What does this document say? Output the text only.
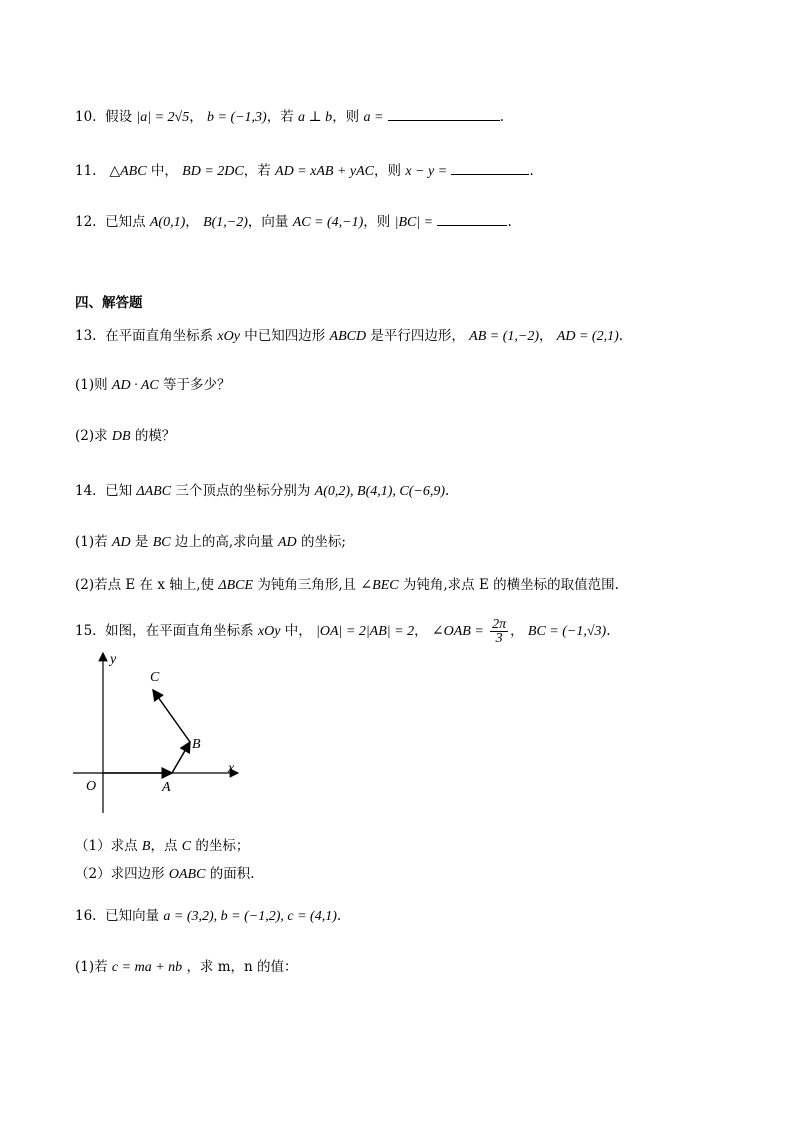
10. 假设 |a| = 2√5， b = (−1,3)，若 a ⊥ b，则 a =	.
11. △ABC 中， BD = 2DC，若 AD = xAB + yAC，则 x − y =	.
12. 已知点 A(0,1)， B(1,−2)，向量 AC = (4,−1)，则 |BC| =	.
四、解答题
13. 在平面直角坐标系 xOy 中已知四边形 ABCD 是平行四边形， AB = (1,−2)， AD = (2,1).
(1)则 AD · AC 等于多少？
(2)求 DB 的模？
14. 已知 ΔABC 三个顶点的坐标分别为 A(0,2), B(4,1), C(−6,9).
(1)若 AD 是 BC 边上的高,求向量 AD 的坐标;
(2)若点 E 在 x 轴上,使 ΔBCE 为钝角三角形,且 ∠BEC 为钝角,求点 E 的横坐标的取值范围.
15. 如图，在平面直角坐标系 xOy 中， |OA| = 2|AB| = 2， ∠OAB = $\frac{2\pi}{3}$ ， BC = (−1,√3).
y
x
O	A
B
C
（1）求点 B，点 C 的坐标；
（2）求四边形 OABC 的面积.
16. 已知向量 a = (3,2), b = (−1,2), c = (4,1).
(1)若 c = ma + nb ，求 m，n 的值：
